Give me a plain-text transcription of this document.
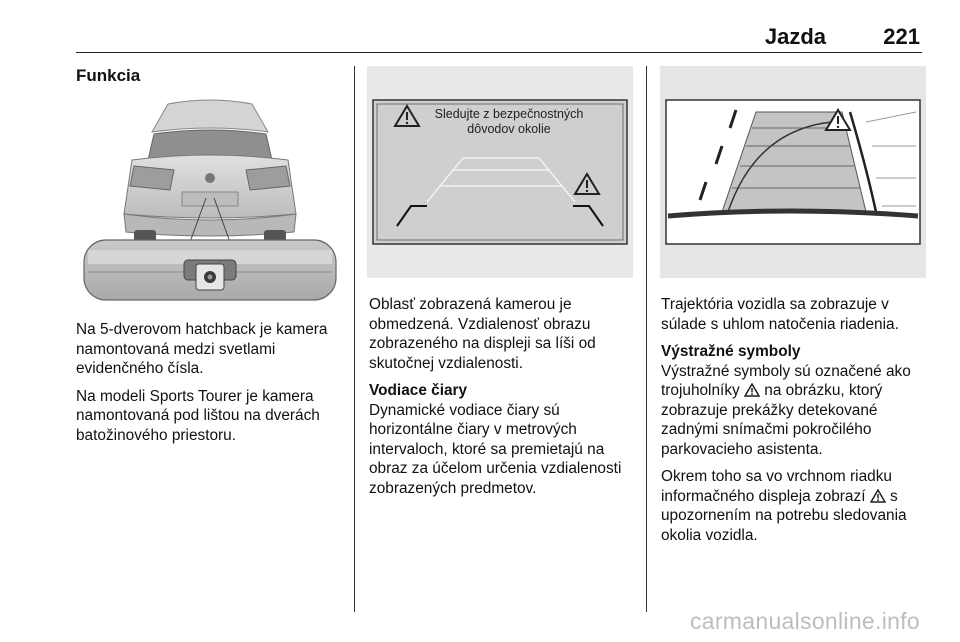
Jazda	221
Funkcia

Na 5-dverovom hatchback je kamera namontovaná medzi svetlami evidenčného čísla.

Na modeli Sports Tourer je kamera namontovaná pod lištou na dverách batožinového priestoru.

Sledujte z bezpečnostných
dôvodov okolie

Oblasť zobrazená kamerou je obmedzená. Vzdialenosť obrazu zobrazeného na displeji sa líši od skutočnej vzdialenosti.

Vodiace čiary

Dynamické vodiace čiary sú horizontálne čiary v metrových intervaloch, ktoré sa premietajú na obraz za účelom určenia vzdialenosti zobrazených predmetov.

Trajektória vozidla sa zobrazuje v súlade s uhlom natočenia riadenia.

Výstražné symboly

Výstražné symboly sú označené ako trojuholníky  na obrázku, ktorý zobrazuje prekážky detekované zadnými snímačmi pokročilého parkovacieho asistenta.

Okrem toho sa vo vrchnom riadku informačného displeja zobrazí  s upozornením na potrebu sledovania okolia vozidla.

carmanualsonline.info
